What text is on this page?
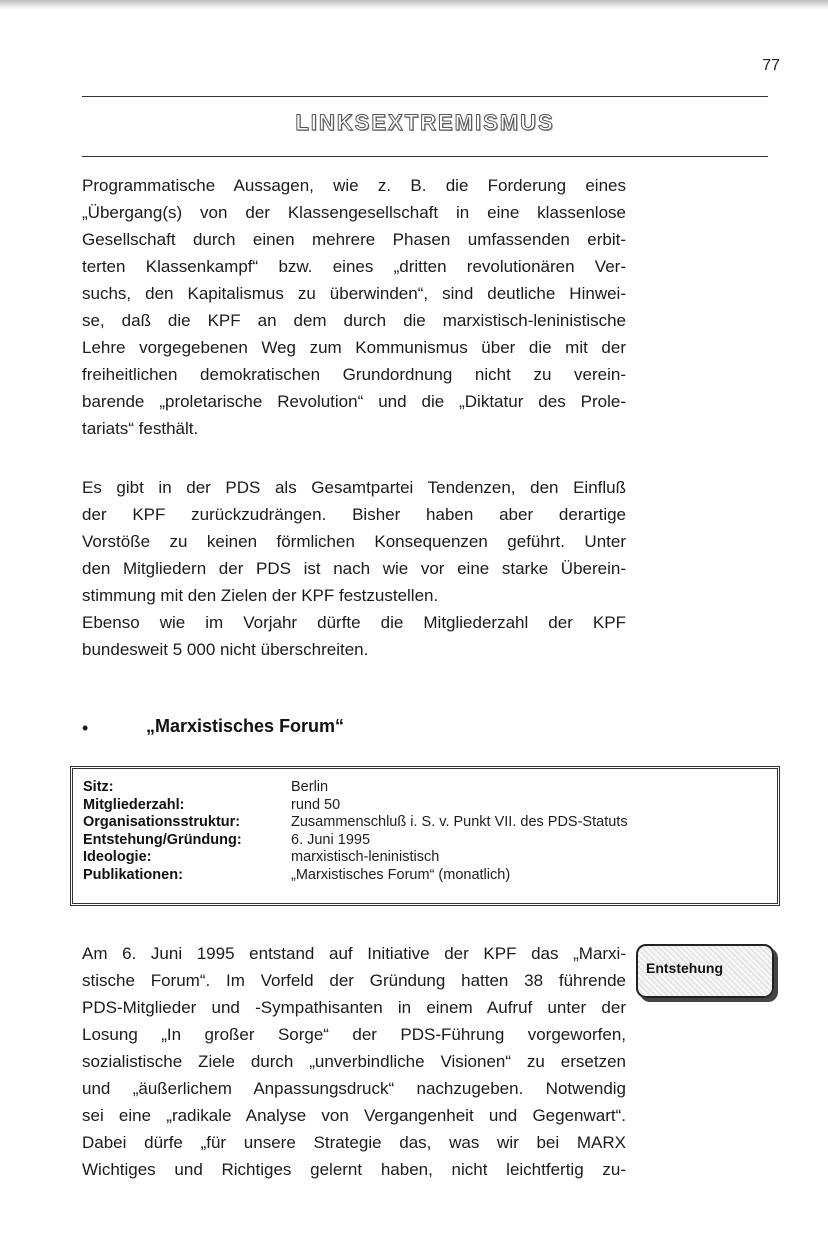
77
LINKSEXTREMISMUS
Programmatische Aussagen, wie z. B. die Forderung eines
„Übergang(s) von der Klassengesellschaft in eine klassenlose
Gesellschaft durch einen mehrere Phasen umfassenden erbit-
terten Klassenkampf“ bzw. eines „dritten revolutionären Ver-
suchs, den Kapitalismus zu überwinden“, sind deutliche Hinwei-
se, daß die KPF an dem durch die marxistisch-leninistische
Lehre vorgegebenen Weg zum Kommunismus über die mit der
freiheitlichen demokratischen Grundordnung nicht zu verein-
barende „proletarische Revolution“ und die „Diktatur des Prole-
tariats“ festhält.
Es gibt in der PDS als Gesamtpartei Tendenzen, den Einfluß
der KPF zurückzudrängen. Bisher haben aber derartige
Vorstöße zu keinen förmlichen Konsequenzen geführt. Unter
den Mitgliedern der PDS ist nach wie vor eine starke Überein-
stimmung mit den Zielen der KPF festzustellen.
Ebenso wie im Vorjahr dürfte die Mitgliederzahl der KPF
bundesweit 5 000 nicht überschreiten.
•	„Marxistisches Forum“
Sitz:	Berlin
Mitgliederzahl:	rund 50
Organisationsstruktur:	Zusammenschluß i. S. v. Punkt VII. des PDS-Statuts
Entstehung/Gründung:	6. Juni 1995
Ideologie:	marxistisch-leninistisch
Publikationen:	„Marxistisches Forum“ (monatlich)
Am 6. Juni 1995 entstand auf Initiative der KPF das „Marxi-
stische Forum“. Im Vorfeld der Gründung hatten 38 führende
PDS-Mitglieder und -Sympathisanten in einem Aufruf unter der
Losung „In großer Sorge“ der PDS-Führung vorgeworfen,
sozialistische Ziele durch „unverbindliche Visionen“ zu ersetzen
und „äußerlichem Anpassungsdruck“ nachzugeben. Notwendig
sei eine „radikale Analyse von Vergangenheit und Gegenwart“.
Dabei dürfe „für unsere Strategie das, was wir bei MARX
Wichtiges und Richtiges gelernt haben, nicht leichtfertig zu-
Entstehung
